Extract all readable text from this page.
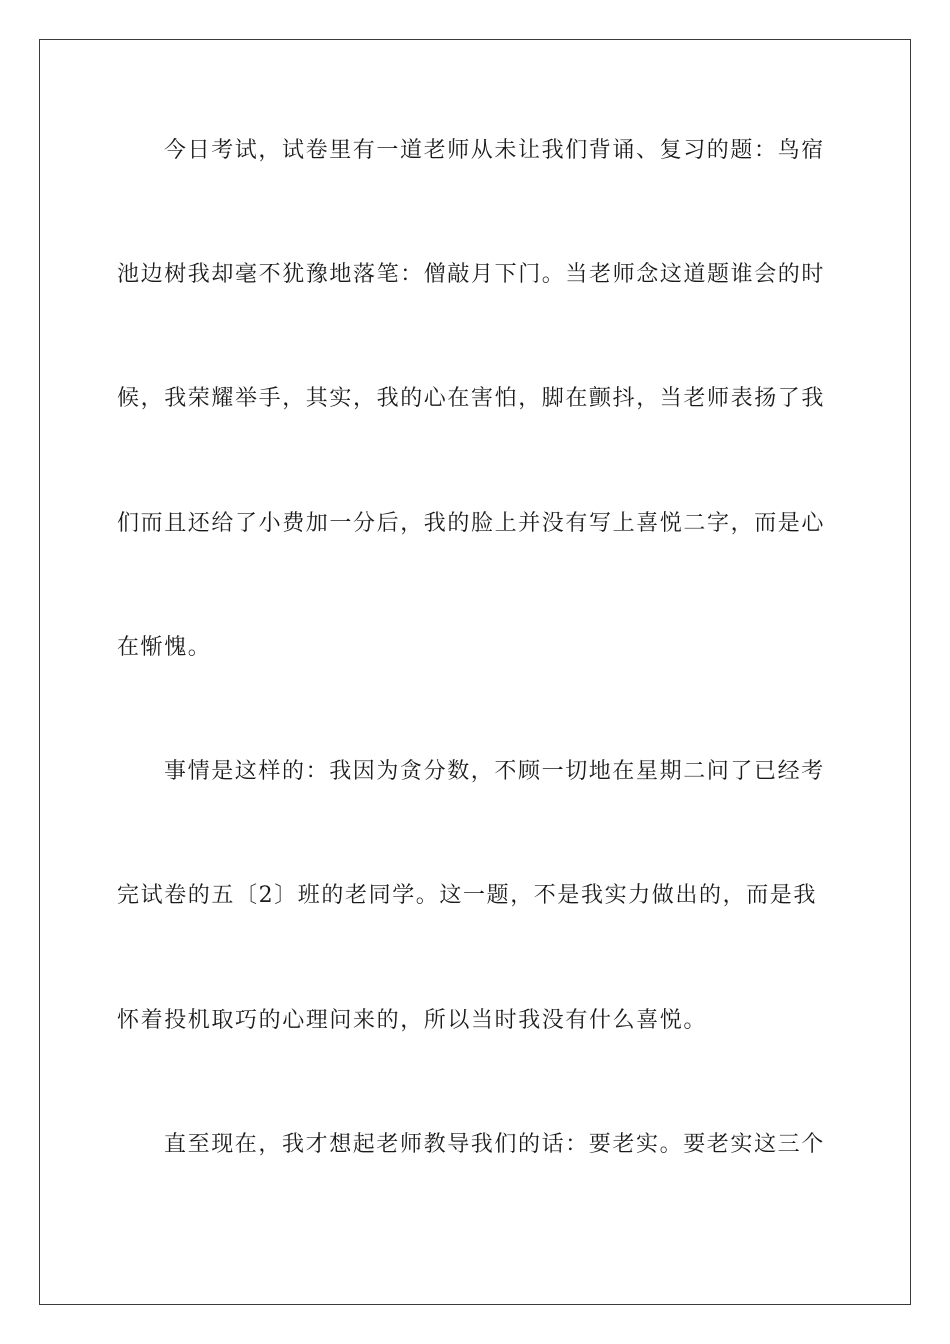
今日考试，试卷里有一道老师从未让我们背诵、复习的题：鸟宿

池边树我却毫不犹豫地落笔：僧敲月下门。当老师念这道题谁会的时

候，我荣耀举手，其实，我的心在害怕，脚在颤抖，当老师表扬了我

们而且还给了小费加一分后，我的脸上并没有写上喜悦二字，而是心

在惭愧。

事情是这样的：我因为贪分数，不顾一切地在星期二问了已经考

完试卷的五〔2〕班的老同学。这一题，不是我实力做出的，而是我

怀着投机取巧的心理问来的，所以当时我没有什么喜悦。

直至现在，我才想起老师教导我们的话：要老实。要老实这三个
